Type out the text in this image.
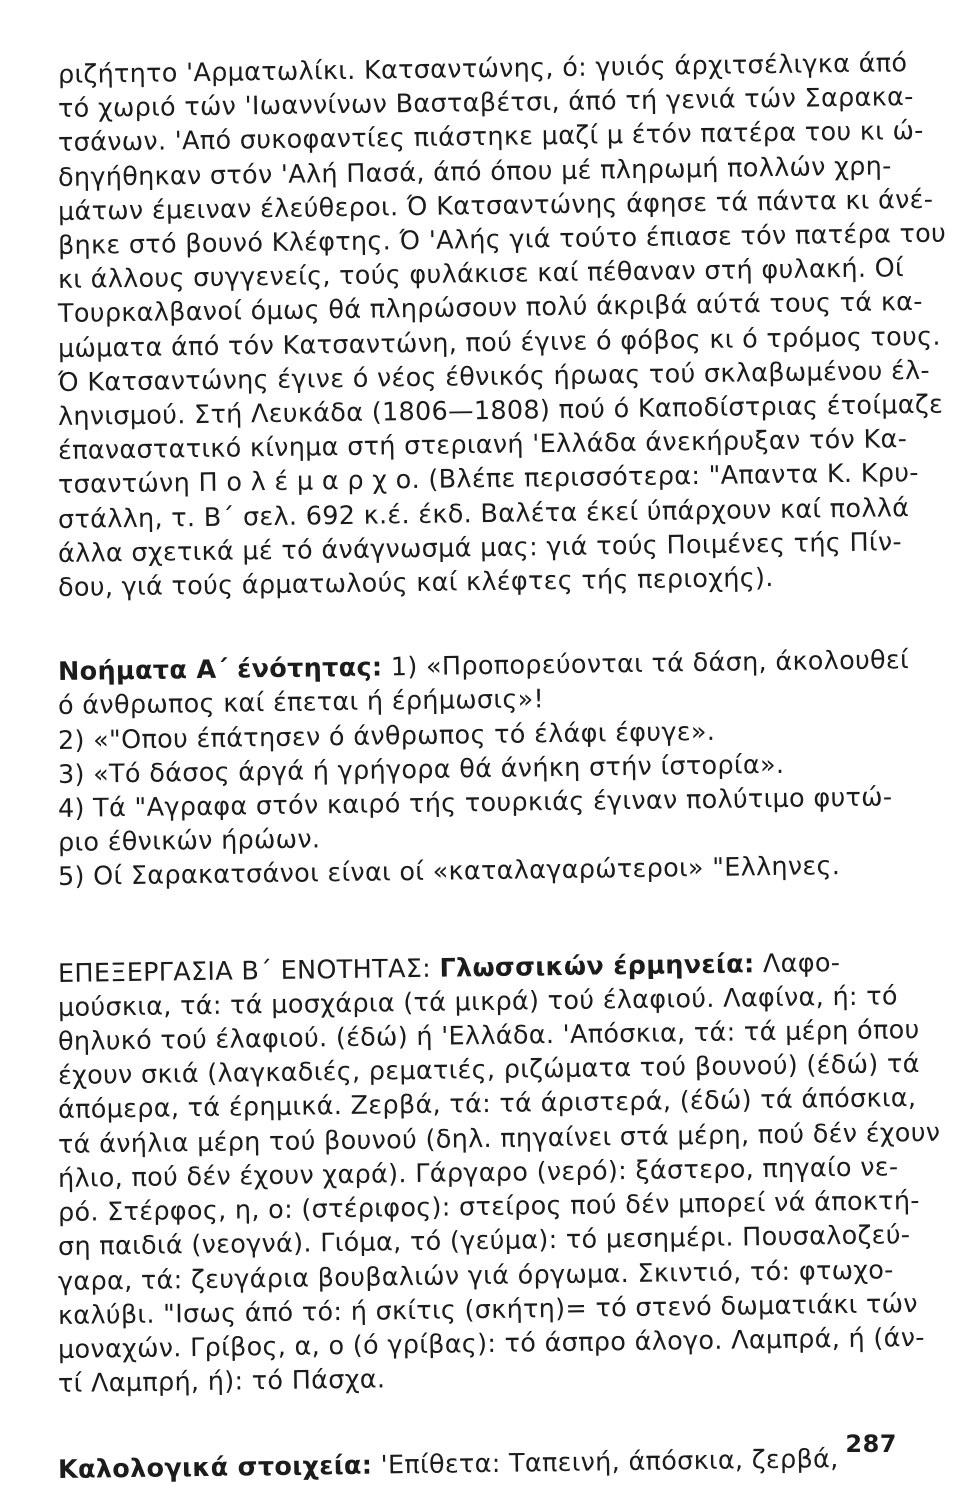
ριζήτητο 'Αρματωλίκι. Κατσαντώνης, ό: γυιός άρχιτσέλιγκα άπό
τό χωριό τών 'Ιωαννίνων Βασταβέτσι, άπό τή γενιά τών Σαρακα-
τσάνων. 'Από συκοφαντίες πιάστηκε μαζί μ έτόν πατέρα του κι ώ-
δηγήθηκαν στόν 'Αλή Πασά, άπό όπου μέ πληρωμή πολλών χρη-
μάτων έμειναν έλεύθεροι. Ό Κατσαντώνης άφησε τά πάντα κι άνέ-
βηκε στό βουνό Κλέφτης. Ό 'Αλής γιά τούτο έπιασε τόν πατέρα του
κι άλλους συγγενείς, τούς φυλάκισε καί πέθαναν στή φυλακή. Οί
Τουρκαλβανοί όμως θά πληρώσουν πολύ άκριβά αύτά τους τά κα-
μώματα άπό τόν Κατσαντώνη, πού έγινε ό φόβος κι ό τρόμος τους.
Ό Κατσαντώνης έγινε ό νέος έθνικός ήρωας τού σκλαβωμένου έλ-
ληνισμού. Στή Λευκάδα (1806—1808) πού ό Καποδίστριας έτοίμαζε
έπαναστατικό κίνημα στή στεριανή 'Ελλάδα άνεκήρυξαν τόν Κα-
τσαντώνη Π ο λ έ μ α ρ χ ο. (Βλέπε περισσότερα: "Απαντα Κ. Κρυ-
στάλλη, τ. Β΄ σελ. 692 κ.έ. έκδ. Βαλέτα έκεί ύπάρχουν καί πολλά
άλλα σχετικά μέ τό άνάγνωσμά μας: γιά τούς Ποιμένες τής Πίν-
δου, γιά τούς άρματωλούς καί κλέφτες τής περιοχής).
Νοήματα Α΄ ένότητας: 1) «Προπορεύονται τά δάση, άκολουθεί
ό άνθρωπος καί έπεται ή έρήμωσις»!
2) «"Οπου έπάτησεν ό άνθρωπος τό έλάφι έφυγε».
3) «Τό δάσος άργά ή γρήγορα θά άνήκη στήν ίστορία».
4) Τά "Αγραφα στόν καιρό τής τουρκιάς έγιναν πολύτιμο φυτώ-
ριο έθνικών ήρώων.
5) Οί Σαρακατσάνοι είναι οί «καταλαγαρώτεροι» "Ελληνες.
ΕΠΕΞΕΡΓΑΣΙΑ Β΄ ΕΝΟΤΗΤΑΣ: Γλωσσικών έρμηνεία: Λαφο-
μούσκια, τά: τά μοσχάρια (τά μικρά) τού έλαφιού. Λαφίνα, ή: τό
θηλυκό τού έλαφιού. (έδώ) ή 'Ελλάδα. 'Απόσκια, τά: τά μέρη όπου
έχουν σκιά (λαγκαδιές, ρεματιές, ριζώματα τού βουνού) (έδώ) τά
άπόμερα, τά έρημικά. Ζερβά, τά: τά άριστερά, (έδώ) τά άπόσκια,
τά άνήλια μέρη τού βουνού (δηλ. πηγαίνει στά μέρη, πού δέν έχουν
ήλιο, πού δέν έχουν χαρά). Γάργαρο (νερό): ξάστερο, πηγαίο νε-
ρό. Στέρφος, η, ο: (στέριφος): στείρος πού δέν μπορεί νά άποκτή-
ση παιδιά (νεογνά). Γιόμα, τό (γεύμα): τό μεσημέρι. Πουσαλοζεύ-
γαρα, τά: ζευγάρια βουβαλιών γιά όργωμα. Σκιντιό, τό: φτωχο-
καλύβι. "Ισως άπό τό: ή σκίτις (σκήτη)= τό στενό δωματιάκι τών
μοναχών. Γρίβος, α, ο (ό γρίβας): τό άσπρο άλογο. Λαμπρά, ή (άν-
τί Λαμπρή, ή): τό Πάσχα.
Καλολογικά στοιχεία: 'Επίθετα: Ταπεινή, άπόσκια, ζερβά,
287
